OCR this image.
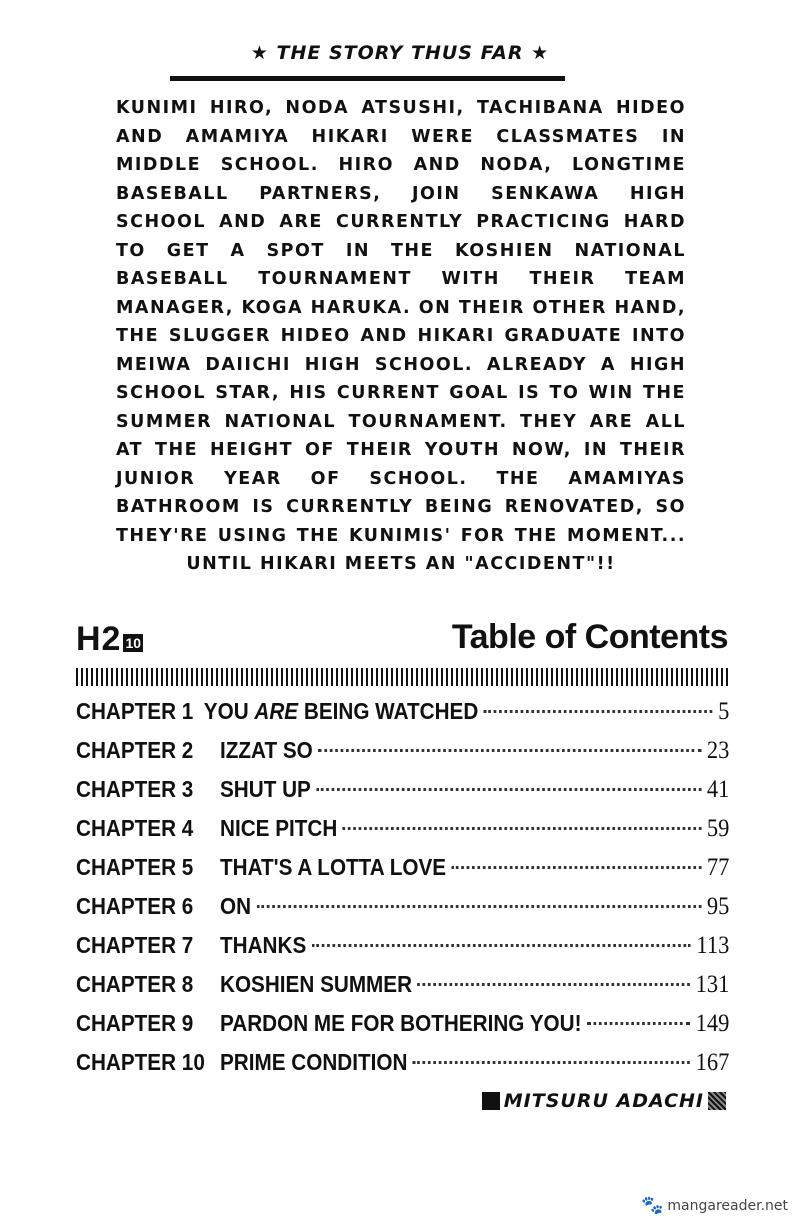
★ THE STORY THUS FAR ★
KUNIMI HIRO, NODA ATSUSHI, TACHIBANA HIDEO AND AMAMIYA HIKARI WERE CLASSMATES IN MIDDLE SCHOOL. HIRO AND NODA, LONGTIME BASEBALL PARTNERS, JOIN SENKAWA HIGH SCHOOL AND ARE CURRENTLY PRACTICING HARD TO GET A SPOT IN THE KOSHIEN NATIONAL BASEBALL TOURNAMENT WITH THEIR TEAM MANAGER, KOGA HARUKA. ON THEIR OTHER HAND, THE SLUGGER HIDEO AND HIKARI GRADUATE INTO MEIWA DAIICHI HIGH SCHOOL. ALREADY A HIGH SCHOOL STAR, HIS CURRENT GOAL IS TO WIN THE SUMMER NATIONAL TOURNAMENT. THEY ARE ALL AT THE HEIGHT OF THEIR YOUTH NOW, IN THEIR JUNIOR YEAR OF SCHOOL. THE AMAMIYAS BATHROOM IS CURRENTLY BEING RENOVATED, SO THEY'RE USING THE KUNIMIS' FOR THE MOMENT... UNTIL HIKARI MEETS AN "ACCIDENT"!!
H2 10	Table of Contents
CHAPTER 1 YOU ARE BEING WATCHED	5
CHAPTER 2	IZZAT SO	23
CHAPTER 3	SHUT UP	41
CHAPTER 4	NICE PITCH	59
CHAPTER 5	THAT'S A LOTTA LOVE	77
CHAPTER 6	ON	95
CHAPTER 7	THANKS	113
CHAPTER 8	KOSHIEN SUMMER	131
CHAPTER 9	PARDON ME FOR BOTHERING YOU!	149
CHAPTER 10 PRIME CONDITION	167
MITSURU ADACHI
🐾 mangareader.net
